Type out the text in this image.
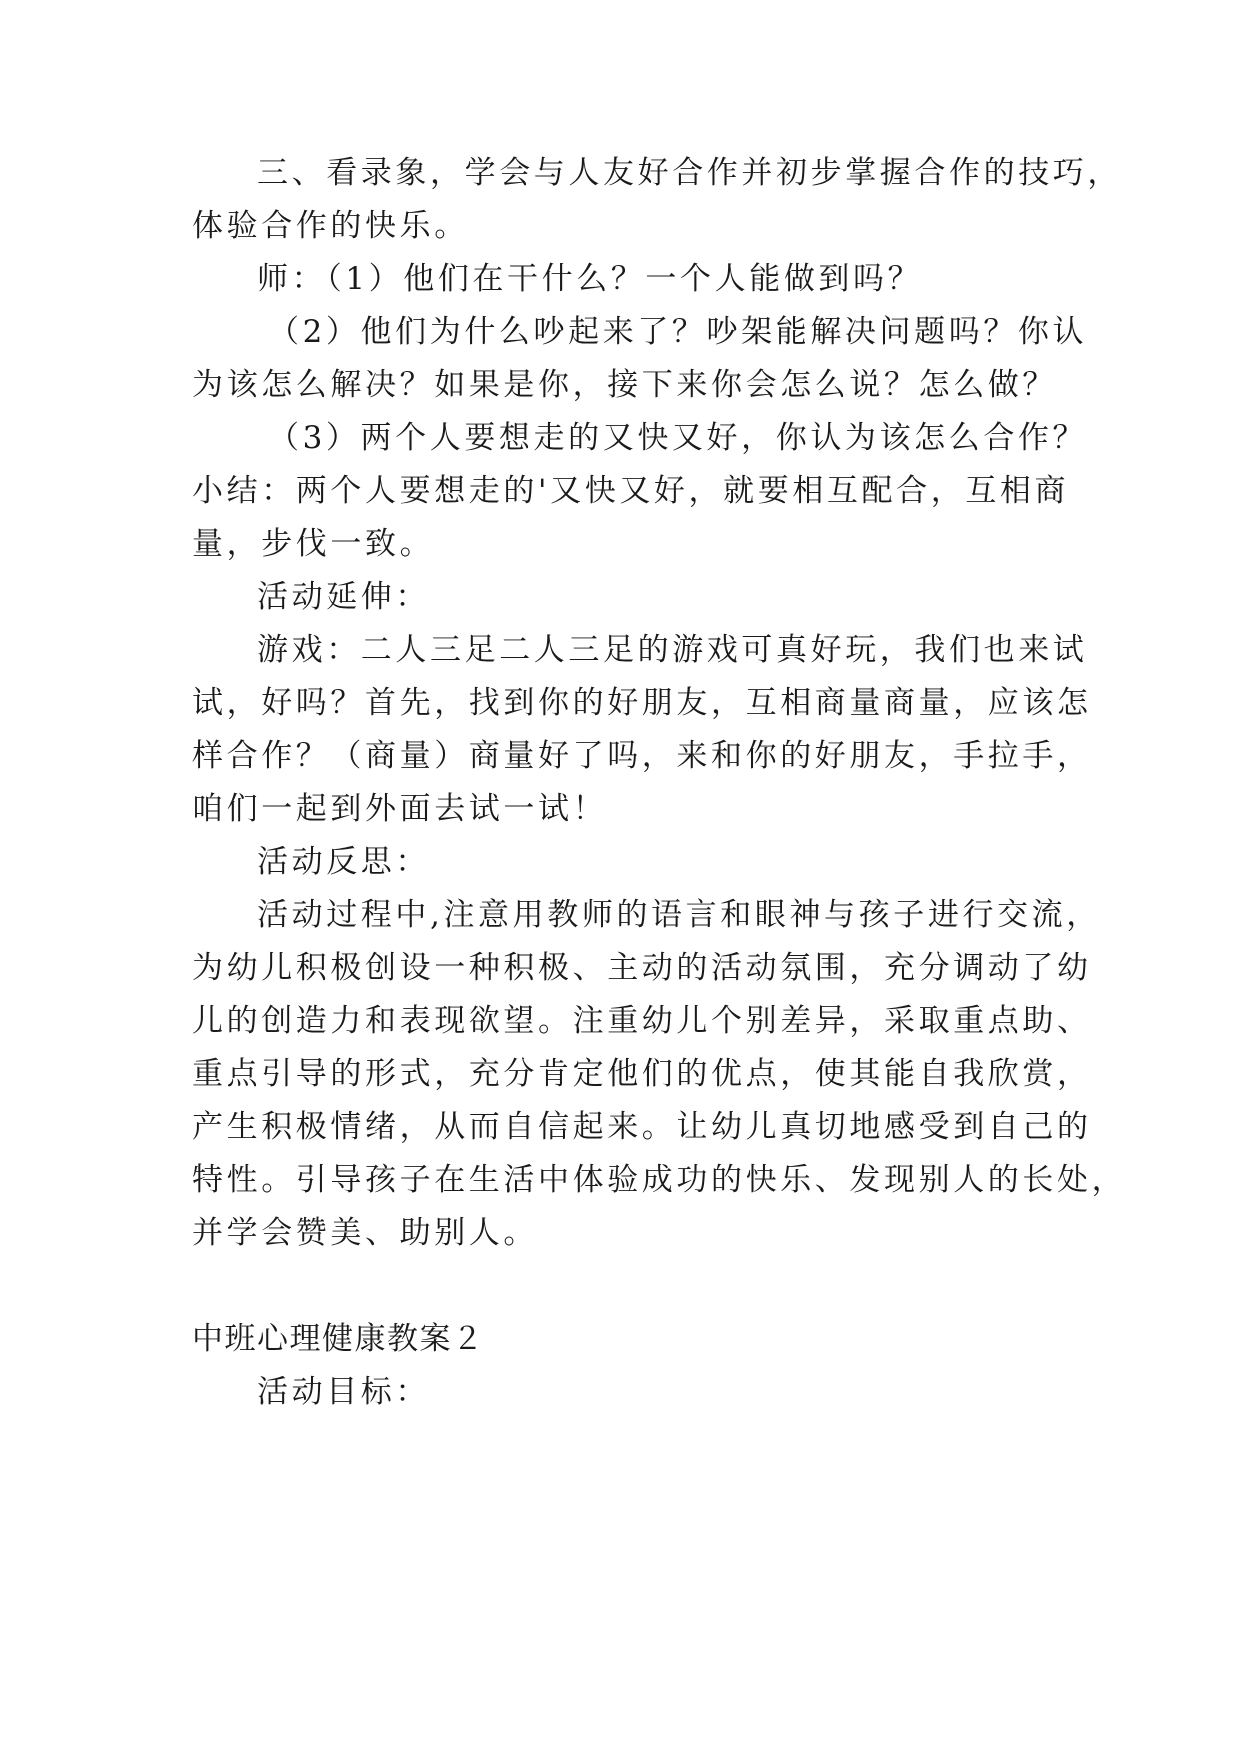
三、看录象，学会与人友好合作并初步掌握合作的技巧，
体验合作的快乐。
师：（1）他们在干什么？一个人能做到吗？
（2）他们为什么吵起来了？吵架能解决问题吗？你认
为该怎么解决？如果是你，接下来你会怎么说？怎么做？
（3）两个人要想走的又快又好，你认为该怎么合作？
小结：两个人要想走的'又快又好，就要相互配合，互相商
量，步伐一致。
活动延伸：
游戏：二人三足二人三足的游戏可真好玩，我们也来试
试，好吗？首先，找到你的好朋友，互相商量商量，应该怎
样合作？（商量）商量好了吗，来和你的好朋友，手拉手，
咱们一起到外面去试一试！
活动反思：
活动过程中,注意用教师的语言和眼神与孩子进行交流，
为幼儿积极创设一种积极、主动的活动氛围，充分调动了幼
儿的创造力和表现欲望。注重幼儿个别差异，采取重点助、
重点引导的形式，充分肯定他们的优点，使其能自我欣赏，
产生积极情绪，从而自信起来。让幼儿真切地感受到自己的
特性。引导孩子在生活中体验成功的快乐、发现别人的长处，
并学会赞美、助别人。
中班心理健康教案２
活动目标：
